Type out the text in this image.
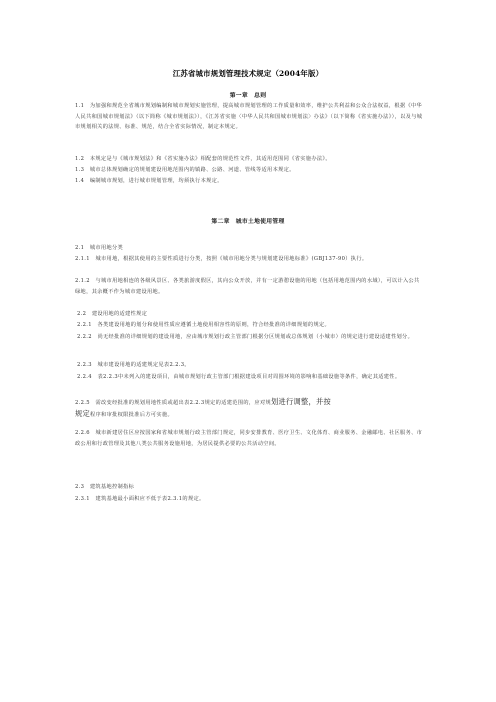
江苏省城市规划管理技术规定（2004年版）
第一章　总则
1.1　为加强和规范全省城市规划编制和城市规划实施管理，提高城市规划管理的工作质量和效率，维护公共利益和公众合法权益，根据《中华人民共和国城市规划法》（以下简称《城市规划法》），《江苏省实施〈中华人民共和国城市规划法〉办法》（以下简称《省实施办法》），以及与城市规划相关的法规、标准、规范，结合全省实际情况，制定本规定。
1.2　本规定是与《城市规划法》和《省实施办法》相配套的规范性文件，其适用范围同《省实施办法》。
1.3　城市总体规划确定的规划建设用地范围内的镇路、公路、河道、管线等适用本规定。
1.4　编制城市规划，进行城市规划管理，均须执行本规定。
第二章　城市土地使用管理
2.1　城市用地分类
2.1.1　城市用地，根据其使用的主要性质进行分类，按照《城市用地分类与规划建设用地标准》(GBJ137-90）执行。
2.1.2　与城市用地相连的各级风景区、各类旅游度假区，其向公众开放，并有一定游憩设施的用地（包括用地范围内的水域），可以计入公共绿地，其余概不作为城市建设用地。
2.2　建设用地的适建性规定
2.2.1　各类建设用地的划分和使用性质应遵循土地使用相容性的原则，符合经批准的详细规划的规定。
2.2.2　尚无经批准的详细规划的建设用地，应由城市规划行政主管部门根据分区规划或总体规划（小城市）的规定进行建设适建性划分。
2.2.3　城市建设用地的适建规定见表2.2.3。
2.2.4　表2.2.3中未列入的建设项目，由城市规划行政主管部门根据建设项目对周围环境的影响和基础设施等条件，确定其适建性。
2.2.5　需改变经批准的规划用地性质或超出表2.2.3规定的适建范围的，应对规划进行调整，并按
规定程序和审批权限批准后方可实施。
2.2.6　城市新建居住区应按国家和省城市规划行政主管部门规定，同步安排教育、医疗卫生、文化体育、商业服务、金融邮电、社区服务、市政公用和行政管理及其他八类公共服务设施用地，为居民提供必要的公共活动空间。
2.3　建筑基地控制指标
2.3.1　建筑基地最小面积应不低于表2.3.1的规定。
